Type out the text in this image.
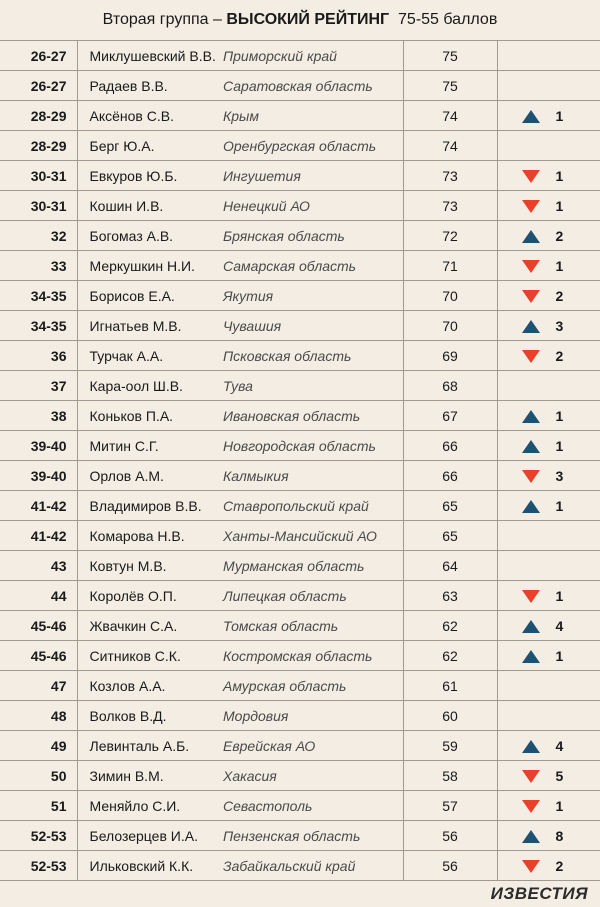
Вторая группа – ВЫСОКИЙ РЕЙТИНГ 75-55 баллов
26-27	Миклушевский В.В.	Приморский край	75	
26-27	Радаев В.В.	Саратовская область	75	
28-29	Аксёнов С.В.	Крым	74	1

28-29	Берг Ю.А.	Оренбургская область	74	
30-31	Евкуров Ю.Б.	Ингушетия	73	1

30-31	Кошин И.В.	Ненецкий АО	73	1

32	Богомаз А.В.	Брянская область	72	2

33	Меркушкин Н.И.	Самарская область	71	1

34-35	Борисов Е.А.	Якутия	70	2

34-35	Игнатьев М.В.	Чувашия	70	3

36	Турчак А.А.	Псковская область	69	2

37	Кара-оол Ш.В.	Тува	68	
38	Коньков П.А.	Ивановская область	67	1

39-40	Митин С.Г.	Новгородская область	66	1

39-40	Орлов А.М.	Калмыкия	66	3

41-42	Владимиров В.В.	Ставропольский край	65	1

41-42	Комарова Н.В.	Ханты-Мансийский АО	65	
43	Ковтун М.В.	Мурманская область	64	
44	Королёв О.П.	Липецкая область	63	1

45-46	Жвачкин С.А.	Томская область	62	4

45-46	Ситников С.К.	Костромская область	62	1

47	Козлов А.А.	Амурская область	61	
48	Волков В.Д.	Мордовия	60	
49	Левинталь А.Б.	Еврейская АО	59	4

50	Зимин В.М.	Хакасия	58	5

51	Меняйло С.И.	Севастополь	57	1

52-53	Белозерцев И.А.	Пензенская область	56	8

52-53	Ильковский К.К.	Забайкальский край	56	2
ИЗВЕСТИЯ
